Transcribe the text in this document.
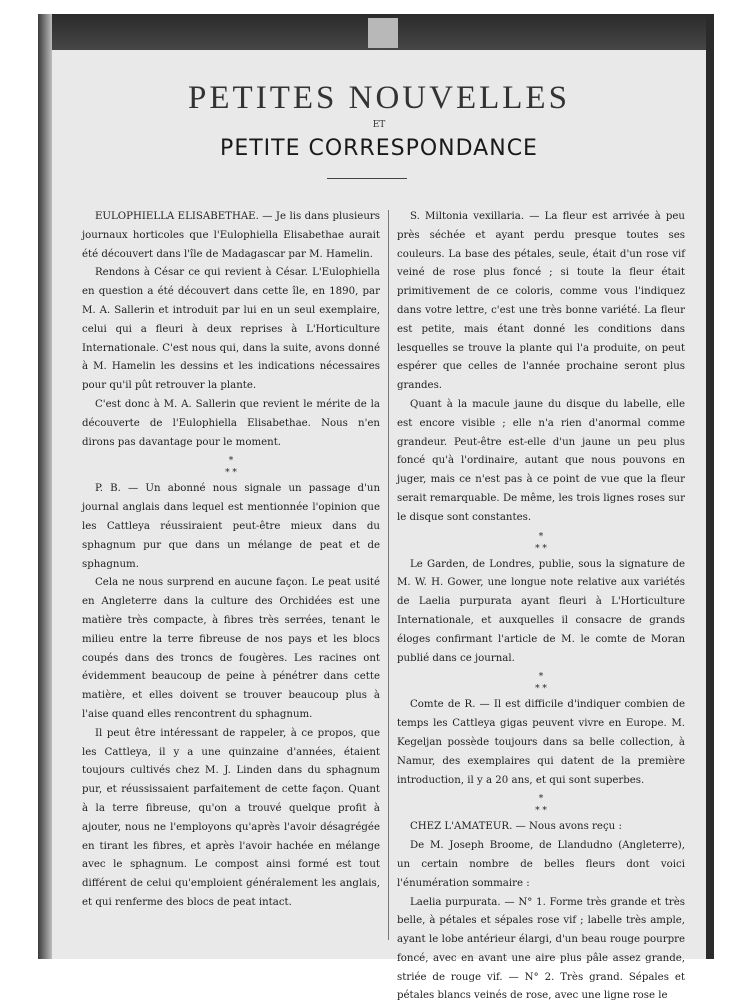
PETITES NOUVELLES
ET
PETITE CORRESPONDANCE

EULOPHIELLA ELISABETHAE. — Je lis dans plusieurs journaux horticoles que l'Eulophiella Elisabethae aurait été découvert dans l'île de Madagascar par M. Hamelin.

Rendons à César ce qui revient à César. L'Eulophiella en question a été découvert dans cette île, en 1890, par M. A. Sallerin et introduit par lui en un seul exemplaire, celui qui a fleuri à deux reprises à L'Horticulture Internationale. C'est nous qui, dans la suite, avons donné à M. Hamelin les dessins et les indications nécessaires pour qu'il pût retrouver la plante.

C'est donc à M. A. Sallerin que revient le mérite de la découverte de l'Eulophiella Elisabethae. Nous n'en dirons pas davantage pour le moment.

*
* *

P. B. — Un abonné nous signale un passage d'un journal anglais dans lequel est mentionnée l'opinion que les Cattleya réussiraient peut-être mieux dans du sphagnum pur que dans un mélange de peat et de sphagnum.

Cela ne nous surprend en aucune façon. Le peat usité en Angleterre dans la culture des Orchidées est une matière très compacte, à fibres très serrées, tenant le milieu entre la terre fibreuse de nos pays et les blocs coupés dans des troncs de fougères. Les racines ont évidemment beaucoup de peine à pénétrer dans cette matière, et elles doivent se trouver beaucoup plus à l'aise quand elles rencontrent du sphagnum.

Il peut être intéressant de rappeler, à ce propos, que les Cattleya, il y a une quinzaine d'années, étaient toujours cultivés chez M. J. Linden dans du sphagnum pur, et réussissaient parfaitement de cette façon. Quant à la terre fibreuse, qu'on a trouvé quelque profit à ajouter, nous ne l'employons qu'après l'avoir désagrégée en tirant les fibres, et après l'avoir hachée en mélange avec le sphagnum. Le compost ainsi formé est tout différent de celui qu'emploient généralement les anglais, et qui renferme des blocs de peat intact.

S. Miltonia vexillaria. — La fleur est arrivée à peu près séchée et ayant perdu presque toutes ses couleurs. La base des pétales, seule, était d'un rose vif veiné de rose plus foncé ; si toute la fleur était primitivement de ce coloris, comme vous l'indiquez dans votre lettre, c'est une très bonne variété. La fleur est petite, mais étant donné les conditions dans lesquelles se trouve la plante qui l'a produite, on peut espérer que celles de l'année prochaine seront plus grandes.

Quant à la macule jaune du disque du labelle, elle est encore visible ; elle n'a rien d'anormal comme grandeur. Peut-être est-elle d'un jaune un peu plus foncé qu'à l'ordinaire, autant que nous pouvons en juger, mais ce n'est pas à ce point de vue que la fleur serait remarquable. De même, les trois lignes roses sur le disque sont constantes.

*
* *

Le Garden, de Londres, publie, sous la signature de M. W. H. Gower, une longue note relative aux variétés de Laelia purpurata ayant fleuri à L'Horticulture Internationale, et auxquelles il consacre de grands éloges confirmant l'article de M. le comte de Moran publié dans ce journal.

*
* *

Comte de R. — Il est difficile d'indiquer combien de temps les Cattleya gigas peuvent vivre en Europe. M. Kegeljan possède toujours dans sa belle collection, à Namur, des exemplaires qui datent de la première introduction, il y a 20 ans, et qui sont superbes.

*
* *

CHEZ L'AMATEUR. — Nous avons reçu :

De M. Joseph Broome, de Llandudno (Angleterre), un certain nombre de belles fleurs dont voici l'énumération sommaire :

Laelia purpurata. — N° 1. Forme très grande et très belle, à pétales et sépales rose vif ; labelle très ample, ayant le lobe antérieur élargi, d'un beau rouge pourpre foncé, avec en avant une aire plus pâle assez grande, striée de rouge vif. — N° 2. Très grand. Sépales et pétales blancs veinés de rose, avec une ligne rose le
